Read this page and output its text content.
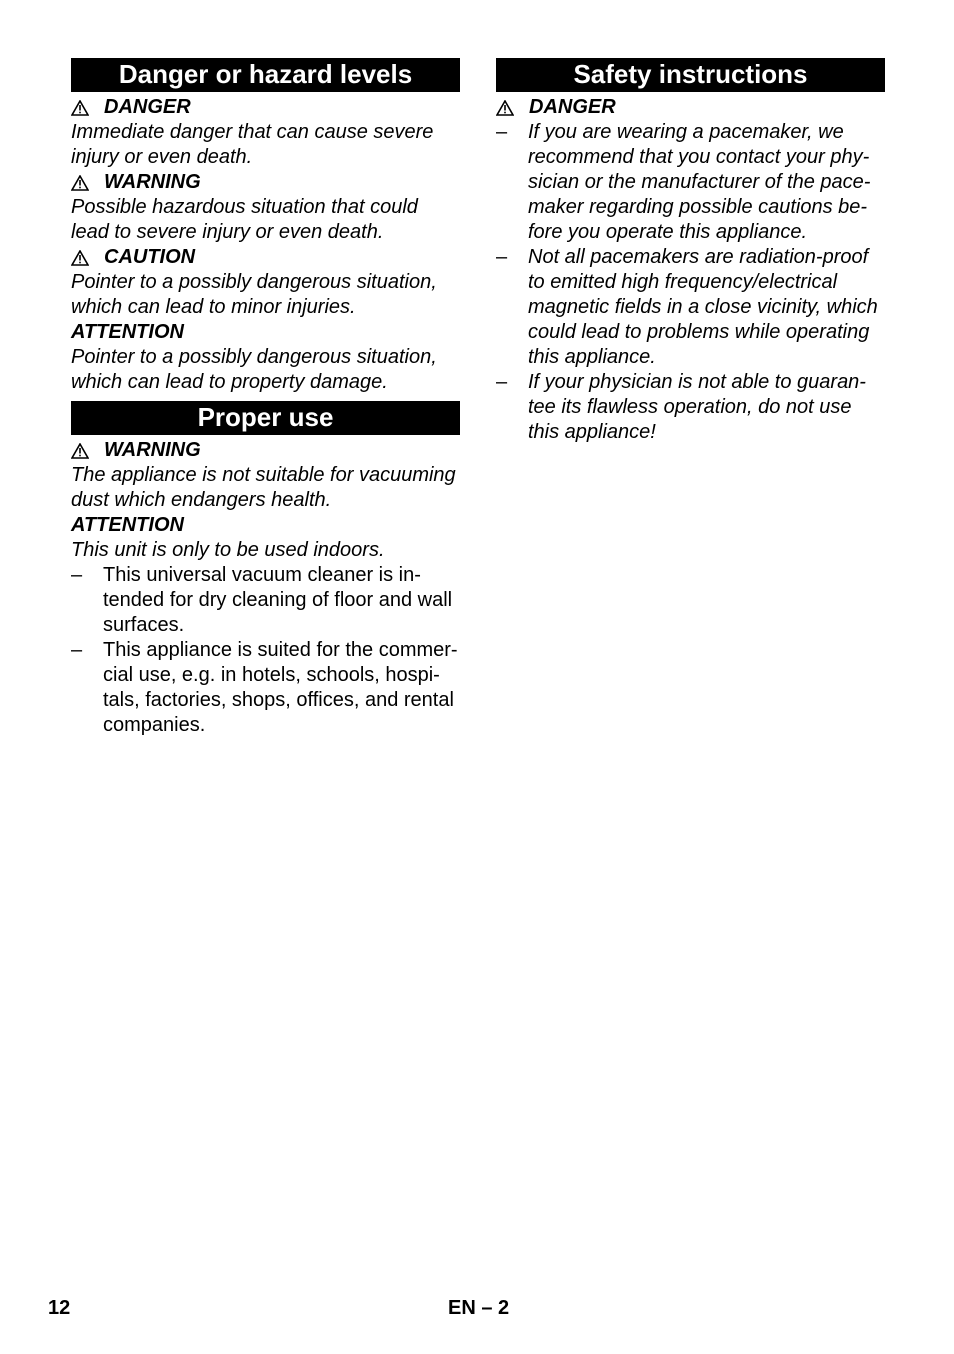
Danger or hazard levels
DANGER
Immediate danger that can cause severe
injury or even death.
WARNING
Possible hazardous situation that could
lead to severe injury or even death.
CAUTION
Pointer to a possibly dangerous situation,
which can lead to minor injuries.
ATTENTION
Pointer to a possibly dangerous situation,
which can lead to property damage.
Proper use
WARNING
The appliance is not suitable for vacuuming
dust which endangers health.
ATTENTION
This unit is only to be used indoors.
–	This universal vacuum cleaner is in-
tended for dry cleaning of floor and wall
surfaces.
–	This appliance is suited for the commer-
cial use, e.g. in hotels, schools, hospi-
tals, factories, shops, offices, and rental
companies.
Safety instructions
DANGER
–	If you are wearing a pacemaker, we
recommend that you contact your phy-
sician or the manufacturer of the pace-
maker regarding possible cautions be-
fore you operate this appliance.
–	Not all pacemakers are radiation-proof
to emitted high frequency/electrical
magnetic fields in a close vicinity, which
could lead to problems while operating
this appliance.
–	If your physician is not able to guaran-
tee its flawless operation, do not use
this appliance!
12	EN – 2
